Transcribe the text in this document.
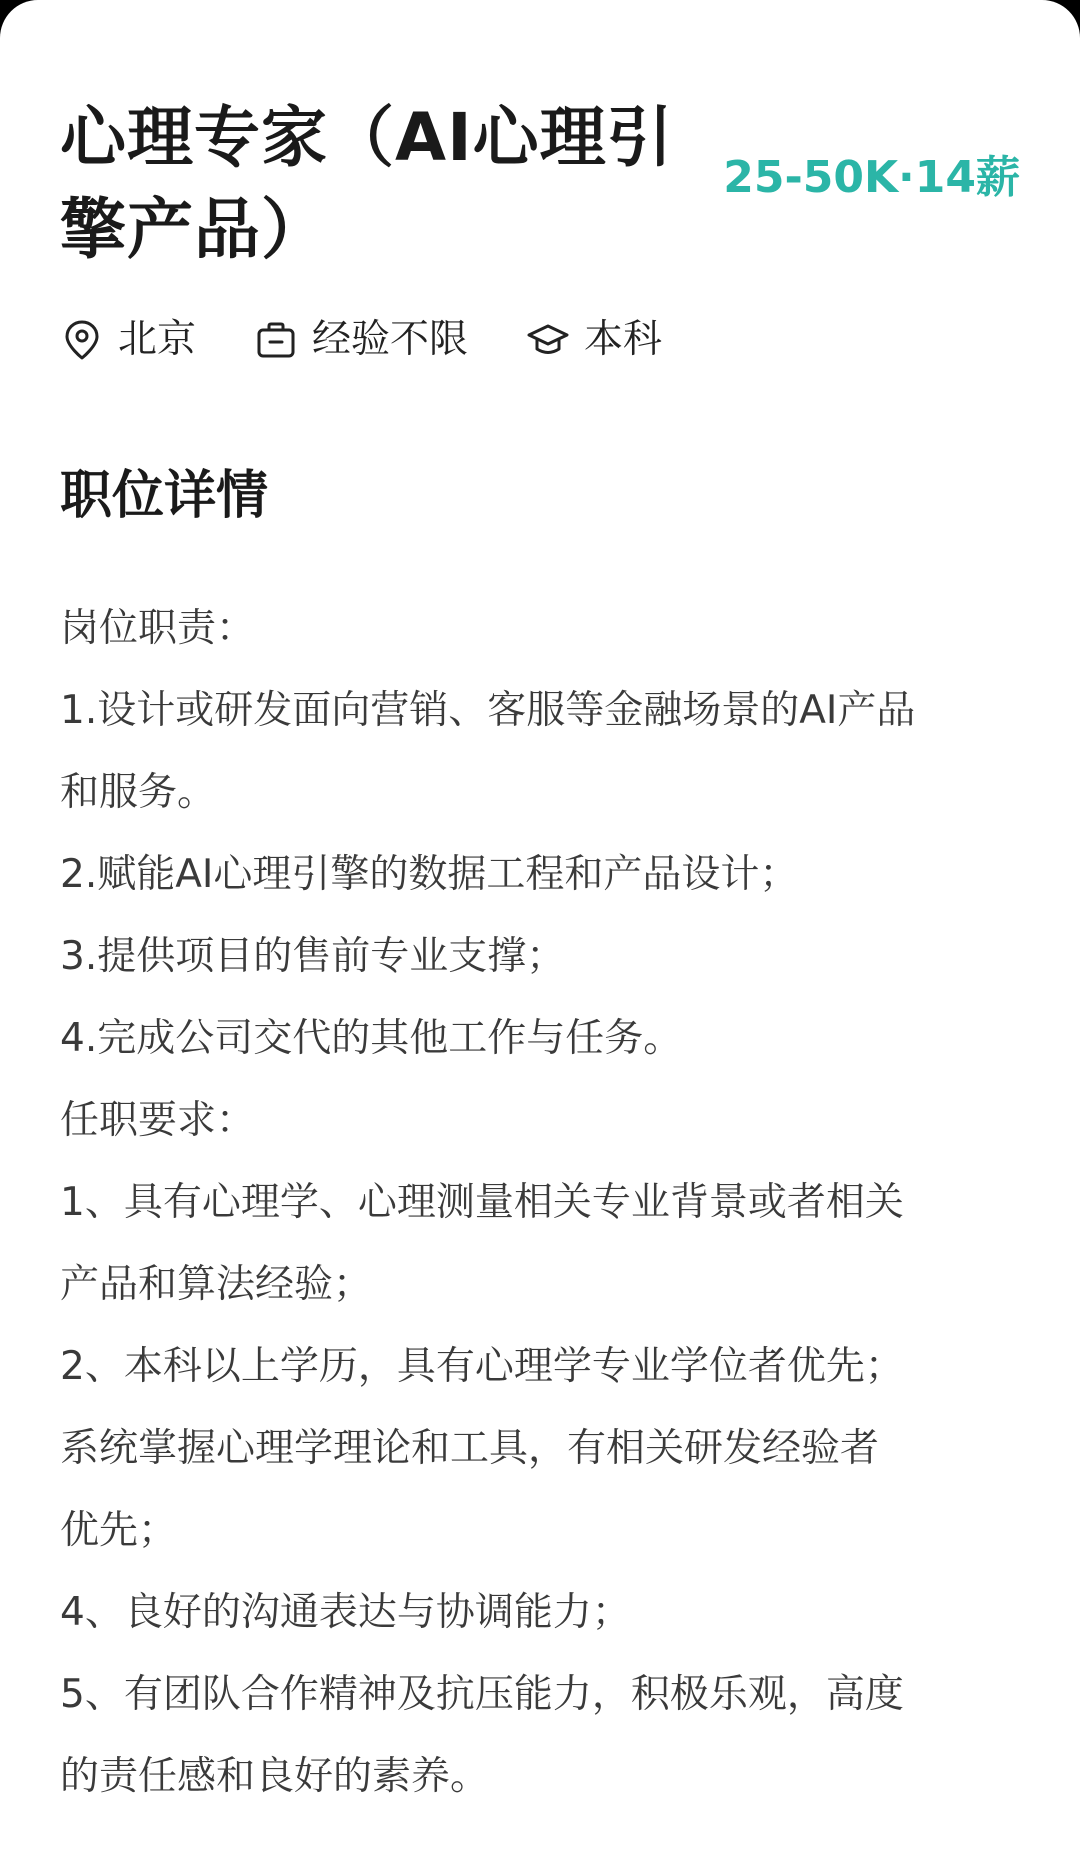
心理专家（AI心理引
擎产品）
25-50K·14薪
北京	经验不限	本科
职位详情
岗位职责：
1.设计或研发面向营销、客服等金融场景的AI产品
和服务。
2.赋能AI心理引擎的数据工程和产品设计；
3.提供项目的售前专业支撑；
4.完成公司交代的其他工作与任务。
任职要求：
1、具有心理学、心理测量相关专业背景或者相关
产品和算法经验；
2、本科以上学历，具有心理学专业学位者优先；
系统掌握心理学理论和工具，有相关研发经验者
优先；
4、良好的沟通表达与协调能力；
5、有团队合作精神及抗压能力，积极乐观，高度
的责任感和良好的素养。
